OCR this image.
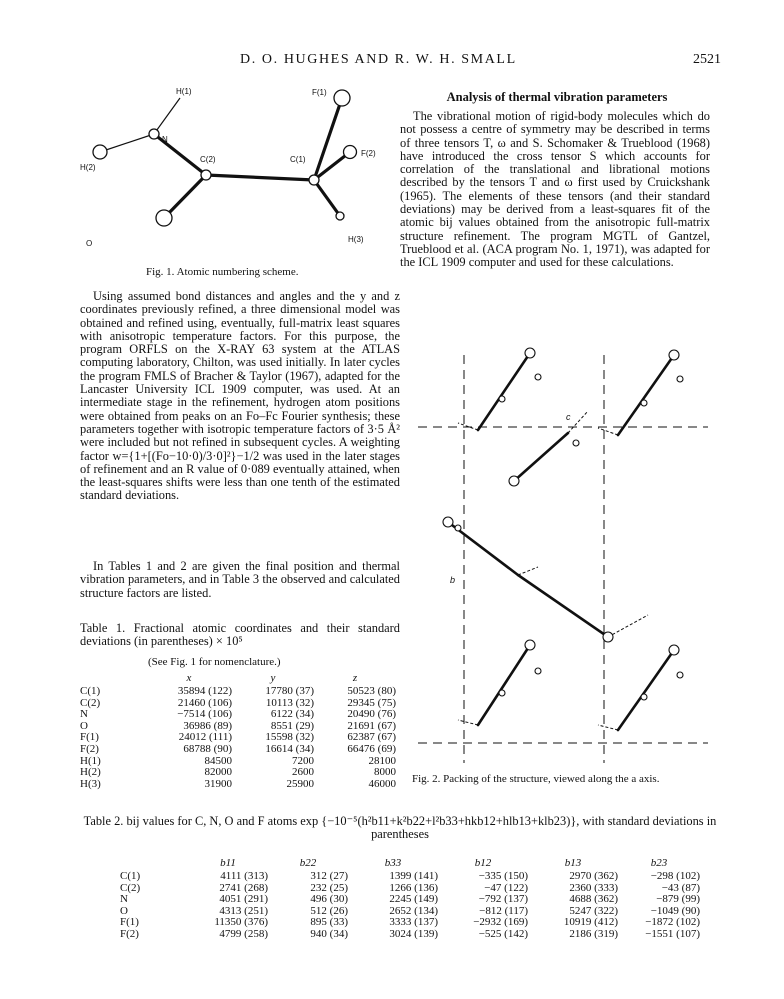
D. O. HUGHES AND R. W. H. SMALL	2521
H(1)	F(1)
N
C(2)	C(1)
F(2)
H(2)
O	H(3)
Fig. 1. Atomic numbering scheme.

Using assumed bond distances and angles and the y and z coordinates previously refined, a three dimensional model was obtained and refined using, eventually, full-matrix least squares with anisotropic temperature factors. For this purpose, the program ORFLS on the X-RAY 63 system at the ATLAS computing laboratory, Chilton, was used initially. In later cycles the program FMLS of Bracher & Taylor (1967), adapted for the Lancaster University ICL 1909 computer, was used. At an intermediate stage in the refinement, hydrogen atom positions were obtained from peaks on an Fo–Fc Fourier synthesis; these parameters together with isotropic temperature factors of 3·5 Å² were included but not refined in subsequent cycles. A weighting factor w={1+[(Fo−10·0)/3·0]²}−1/2 was used in the later stages of refinement and an R value of 0·089 eventually attained, when the least-squares shifts were less than one tenth of the estimated standard deviations.

In Tables 1 and 2 are given the final position and thermal vibration parameters, and in Table 3 the observed and calculated structure factors are listed.

Analysis of thermal vibration parameters

The vibrational motion of rigid-body molecules which do not possess a centre of symmetry may be described in terms of three tensors T, ω and S. Schomaker & Trueblood (1968) have introduced the cross tensor S which accounts for correlation of the translational and librational motions described by the tensors T and ω first used by Cruickshank (1965). The elements of these tensors (and their standard deviations) may be derived from a least-squares fit of the atomic bij values obtained from the anisotropic full-matrix structure refinement. The program MGTL of Gantzel, Trueblood et al. (ACA program No. 1, 1971), was adapted for the ICL 1909 computer and used for these calculations.

Table 1. Fractional atomic coordinates and their standard deviations (in parentheses) × 10⁵
(See Fig. 1 for nomenclature.)
	x	y	z
C(1)	35894 (122)	17780 (37)	50523 (80)
C(2)	21460 (106)	10113 (32)	29345 (75)
N	−7514 (106)	6122 (34)	20490 (76)
O	36986 (89)	8551 (29)	21691 (67)
F(1)	24012 (111)	15598 (32)	62387 (67)
F(2)	68788 (90)	16614 (34)	66476 (69)
H(1)	84500	7200	28100
H(2)	82000	2600	8000
H(3)	31900	25900	46000
c
b
Fig. 2. Packing of the structure, viewed along the a axis.
Table 2. bij values for C, N, O and F atoms exp {−10⁻⁵(h²b11+k²b22+l²b33+hkb12+hlb13+klb23)}, with standard deviations in parentheses
	b11	b22	b33	b12	b13	b23
C(1)	4111 (313)	312 (27)	1399 (141)	−335 (150)	2970 (362)	−298 (102)
C(2)	2741 (268)	232 (25)	1266 (136)	−47 (122)	2360 (333)	−43 (87)
N	4051 (291)	496 (30)	2245 (149)	−792 (137)	4688 (362)	−879 (99)
O	4313 (251)	512 (26)	2652 (134)	−812 (117)	5247 (322)	−1049 (90)
F(1)	11350 (376)	895 (33)	3333 (137)	−2932 (169)	10919 (412)	−1872 (102)
F(2)	4799 (258)	940 (34)	3024 (139)	−525 (142)	2186 (319)	−1551 (107)
